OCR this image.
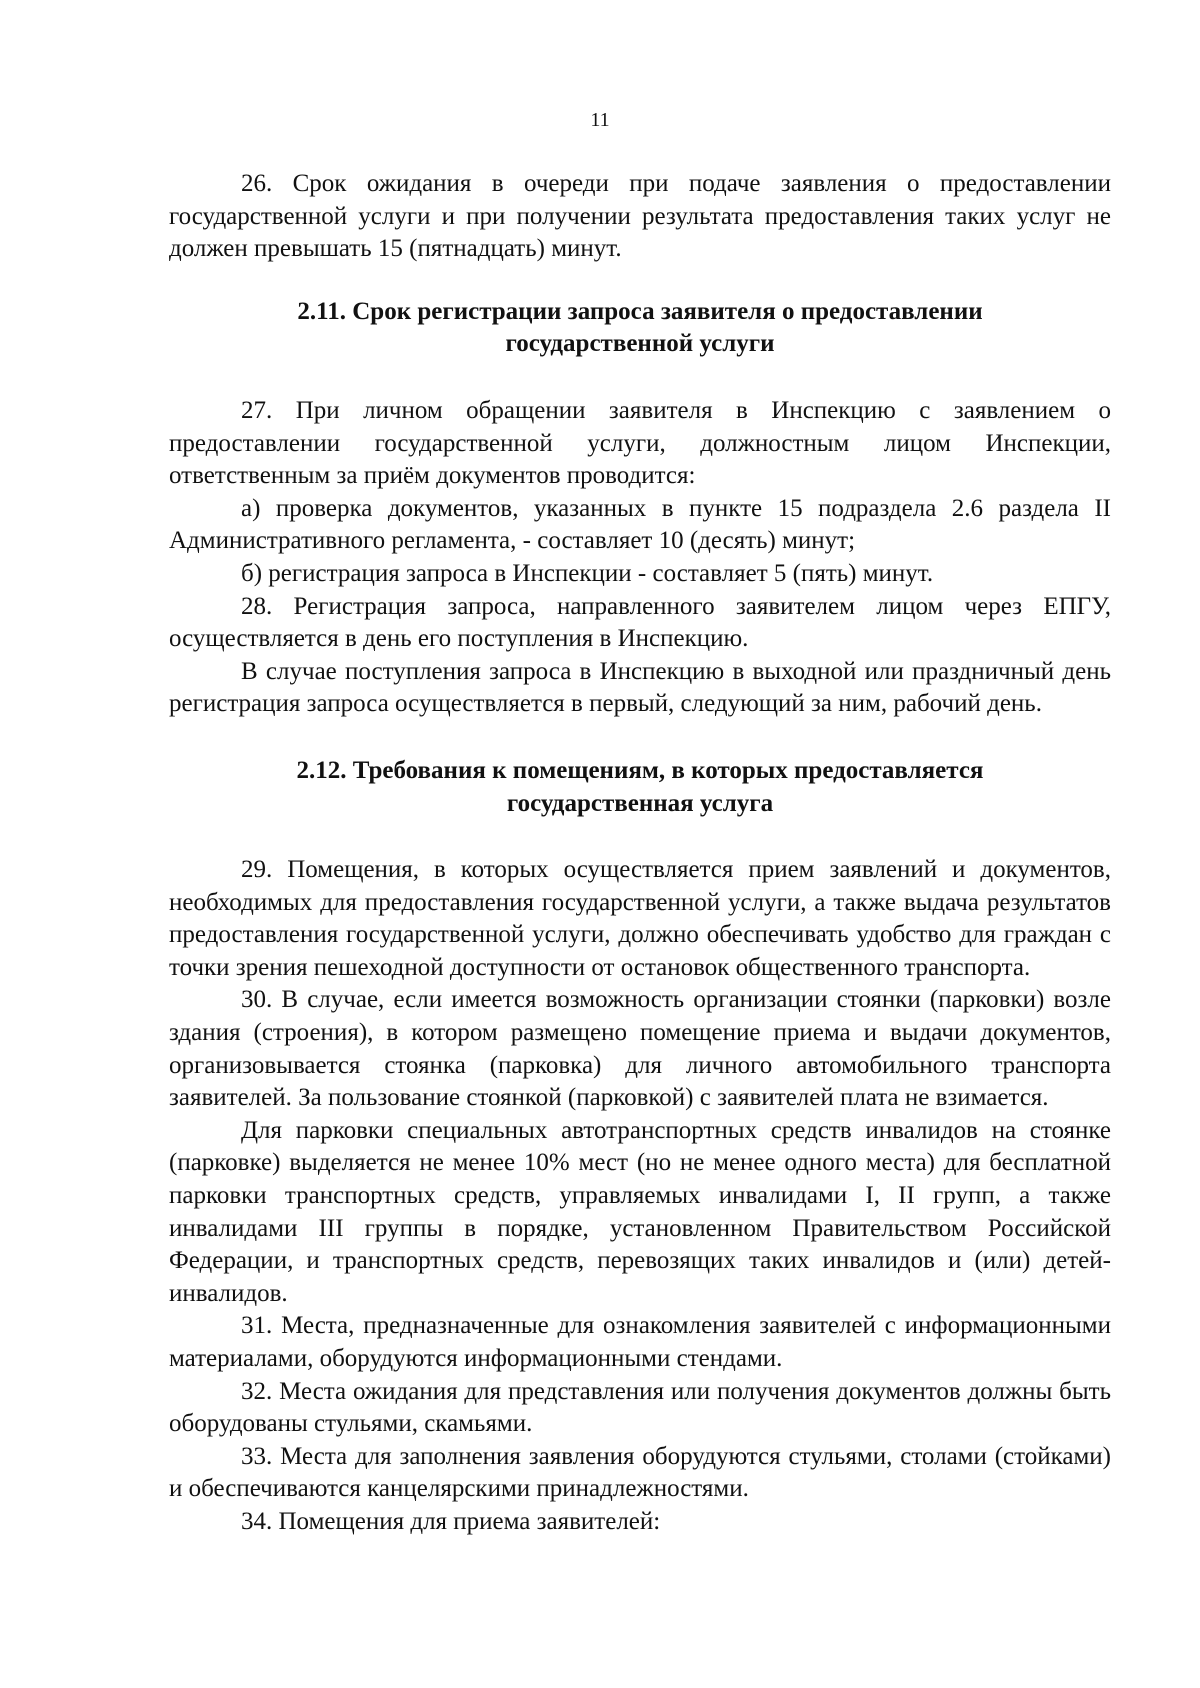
11

26. Срок ожидания в очереди при подаче заявления о предоставлении государственной услуги и при получении результата предоставления таких услуг не должен превышать 15 (пятнадцать) минут.

2.11. Срок регистрации запроса заявителя о предоставлении
государственной услуги

27. При личном обращении заявителя в Инспекцию с заявлением о предоставлении государственной услуги, должностным лицом Инспекции, ответственным за приём документов проводится:

а) проверка документов, указанных в пункте 15 подраздела 2.6 раздела II Административного регламента, - составляет 10 (десять) минут;

б) регистрация запроса в Инспекции - составляет 5 (пять) минут.

28. Регистрация запроса, направленного заявителем лицом через ЕПГУ, осуществляется в день его поступления в Инспекцию.

В случае поступления запроса в Инспекцию в выходной или праздничный день регистрация запроса осуществляется в первый, следующий за ним, рабочий день.

2.12. Требования к помещениям, в которых предоставляется
государственная услуга

29. Помещения, в которых осуществляется прием заявлений и документов, необходимых для предоставления государственной услуги, а также выдача результатов предоставления государственной услуги, должно обеспечивать удобство для граждан с точки зрения пешеходной доступности от остановок общественного транспорта.

30. В случае, если имеется возможность организации стоянки (парковки) возле здания (строения), в котором размещено помещение приема и выдачи документов, организовывается стоянка (парковка) для личного автомобильного транспорта заявителей. За пользование стоянкой (парковкой) с заявителей плата не взимается.

Для парковки специальных автотранспортных средств инвалидов на стоянке (парковке) выделяется не менее 10% мест (но не менее одного места) для бесплатной парковки транспортных средств, управляемых инвалидами I, II групп, а также инвалидами III группы в порядке, установленном Правительством Российской Федерации, и транспортных средств, перевозящих таких инвалидов и (или) детей-инвалидов.

31. Места, предназначенные для ознакомления заявителей с информационными материалами, оборудуются информационными стендами.

32. Места ожидания для представления или получения документов должны быть оборудованы стульями, скамьями.

33. Места для заполнения заявления оборудуются стульями, столами (стойками) и обеспечиваются канцелярскими принадлежностями.

34. Помещения для приема заявителей:
